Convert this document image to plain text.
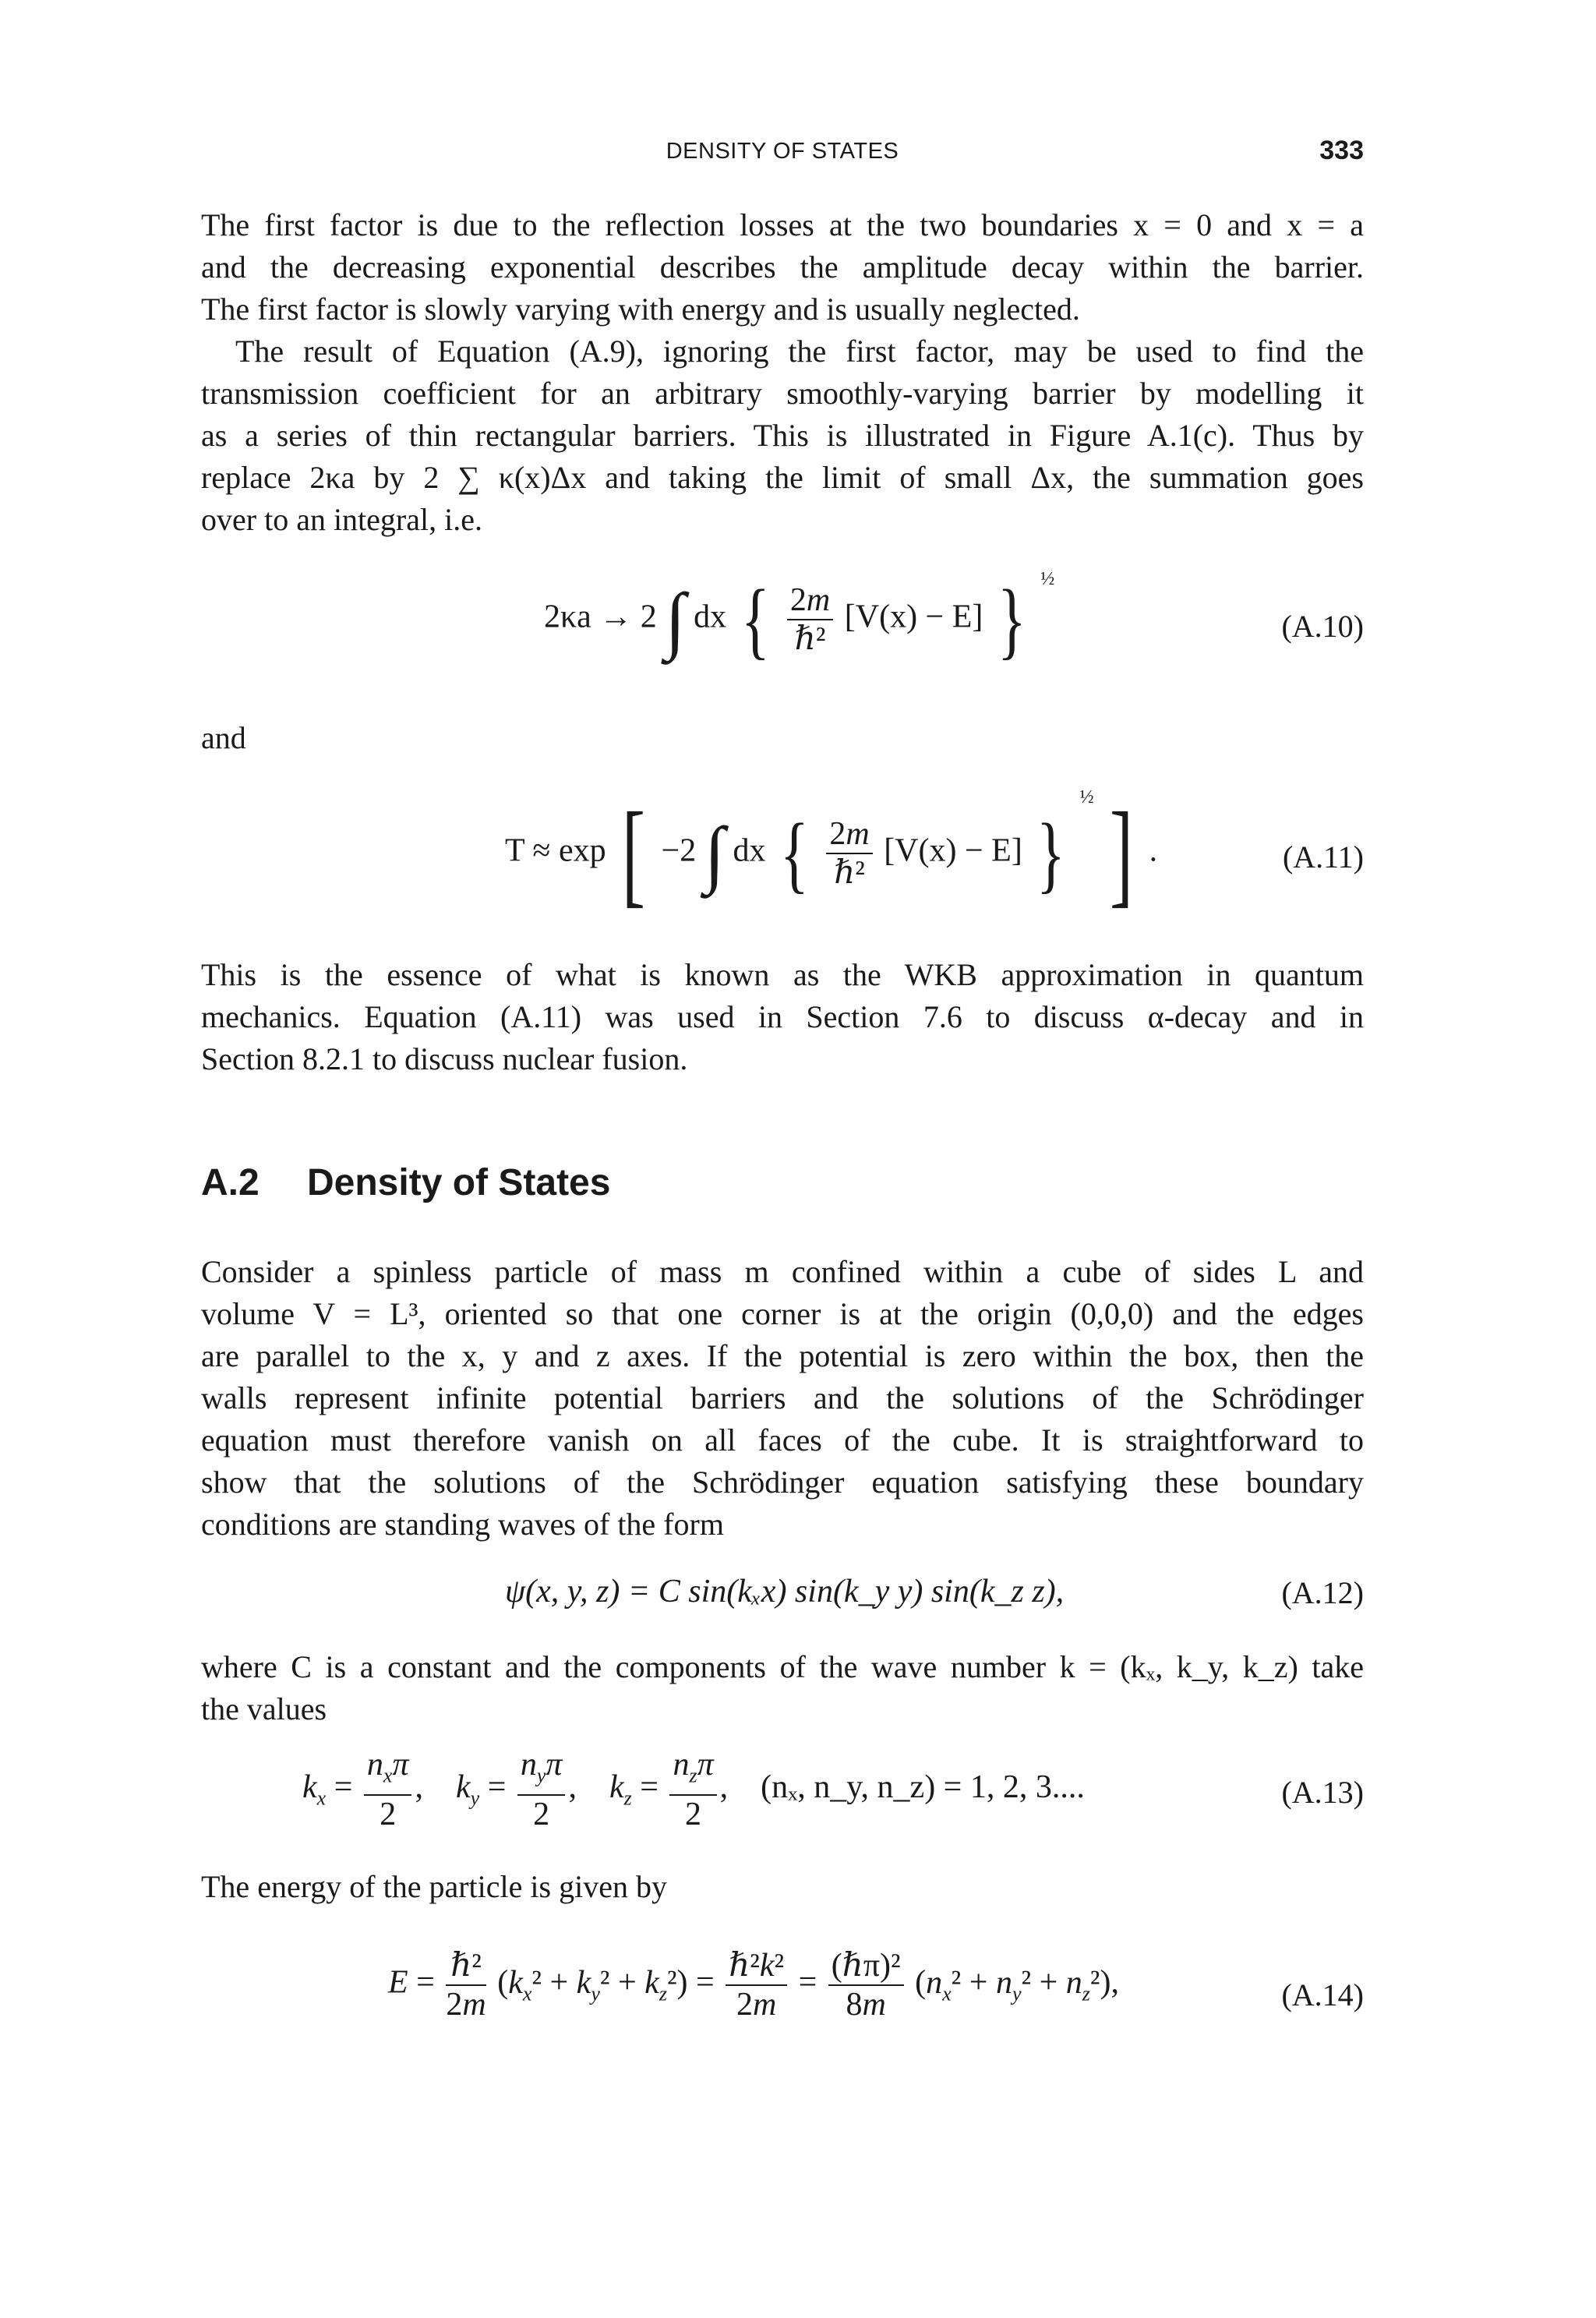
DENSITY OF STATES	333

The first factor is due to the reflection losses at the two boundaries x = 0 and x = a
and the decreasing exponential describes the amplitude decay within the barrier.
The first factor is slowly varying with energy and is usually neglected.

The result of Equation (A.9), ignoring the first factor, may be used to find the
transmission coefficient for an arbitrary smoothly-varying barrier by modelling it
as a series of thin rectangular barriers. This is illustrated in Figure A.1(c). Thus by
replace 2κa by 2 ∑ κ(x)Δx and taking the limit of small Δx, the summation goes
over to an integral, i.e.

2κa → 2 ∫ dx { $\frac{2m}{\text{ℏ²}} [V(x) - E]$ } ½
(A.10)

and

T ≈ exp [ −2 ∫ dx { $\frac{2m}{\text{ℏ²}} [V(x) - E]$ } ½ ] .	(A.11)

This is the essence of what is known as the WKB approximation in quantum
mechanics. Equation (A.11) was used in Section 7.6 to discuss α-decay and in
Section 8.2.1 to discuss nuclear fusion.

A.2 Density of States

Consider a spinless particle of mass m confined within a cube of sides L and
volume V = L³, oriented so that one corner is at the origin (0,0,0) and the edges
are parallel to the x, y and z axes. If the potential is zero within the box, then the
walls represent infinite potential barriers and the solutions of the Schrödinger
equation must therefore vanish on all faces of the cube. It is straightforward to
show that the solutions of the Schrödinger equation satisfying these boundary
conditions are standing waves of the form

ψ(x, y, z) = C sin(kₓx) sin(k_y y) sin(k_z z),	(A.12)

where C is a constant and the components of the wave number k = (kₓ, k_y, k_z) take
the values

$k_x = \frac{n_x\pi}{2}$ ,    $k_y = \frac{n_y\pi}{2}$ ,    $k_z = \frac{n_z\pi}{2}$ ,    (nₓ, n_y, n_z) = 1, 2, 3....	(A.13)

The energy of the particle is given by

$E = \frac{\text{ℏ²}}{2m} (k_x^2 + k_y^2 + k_z^2) = \frac{\text{ℏ²k²}}{2m} = \frac{\text{(ℏπ)²}}{8m} (n_x^2 + n_y^2 + n_z^2)$,	(A.14)
